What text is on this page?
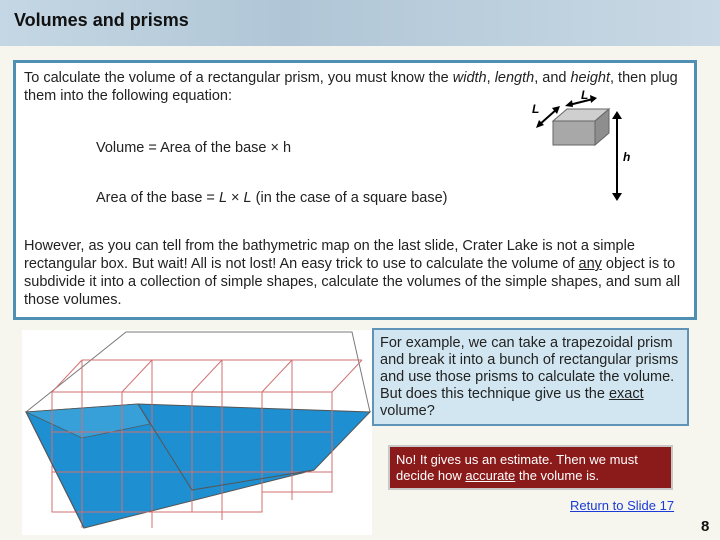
Volumes and prisms
To calculate the volume of a rectangular prism, you must know the width, length, and height, then plug them into the following equation:
Volume = Area of the base × h
Area of the base = L × L (in the case of a square base)
However, as you can tell from the bathymetric map on the last slide, Crater Lake is not a simple rectangular box. But wait! All is not lost! An easy trick to use to calculate the volume of any object is to subdivide it into a collection of simple shapes, calculate the volumes of the simple shapes, and sum all those volumes.
L
L
h
For example, we can take a trapezoidal prism and break it into a bunch of rectangular prisms and use those prisms to calculate the volume. But does this technique give us the exact volume?
No! It gives us an estimate. Then we must decide how accurate the volume is.
Return to Slide 17
8
